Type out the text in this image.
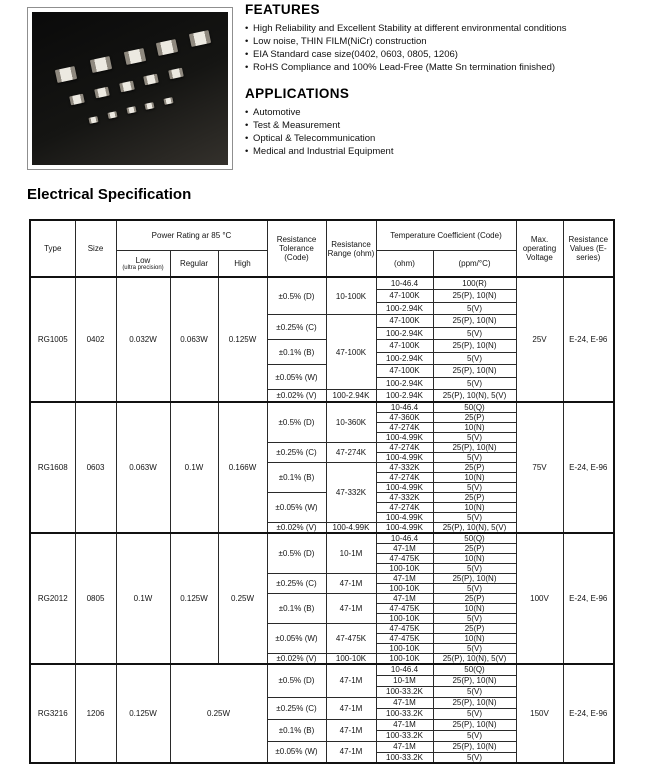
FEATURES
• High Reliability and Excellent Stability at different environmental conditions
• Low noise, THIN FILM(NiCr) construction
• EIA Standard case size(0402, 0603, 0805, 1206)
• RoHS Compliance and 100% Lead-Free (Matte Sn termination finished)
APPLICATIONS
• Automotive
• Test & Measurement
• Optical & Telecommunication
• Medical and Industrial Equipment
Electrical Specification
Type	Size	Power Rating ar 85 °C			Resistance Tolerance (Code)	Resistance Range (ohm)	Temperature Coefficient (Code)		Max. operating Voltage	Resistance Values (E-series)
		Low
(ultra precision)	Regular	High			(ohm)	(ppm/°C)		
RG1005	0402	0.032W	0.063W	0.125W	±0.5% (D)	10-100K	10-46.4	100(R)	25V	E-24, E-96
							47-100K	25(P), 10(N)		
							100-2.94K	5(V)		
					±0.25% (C)	47-100K	47-100K	25(P), 10(N)		
							100-2.94K	5(V)		
					±0.1% (B)		47-100K	25(P), 10(N)		
							100-2.94K	5(V)		
					±0.05% (W)		47-100K	25(P), 10(N)		
							100-2.94K	5(V)		
					±0.02% (V)	100-2.94K	100-2.94K	25(P), 10(N), 5(V)		
RG1608	0603	0.063W	0.1W	0.166W	±0.5% (D)	10-360K	10-46.4	50(Q)	75V	E-24, E-96
							47-360K	25(P)		
							47-274K	10(N)		
							100-4.99K	5(V)		
					±0.25% (C)	47-274K	47-274K	25(P), 10(N)		
							100-4.99K	5(V)		
					±0.1% (B)	47-332K	47-332K	25(P)		
							47-274K	10(N)		
							100-4.99K	5(V)		
					±0.05% (W)		47-332K	25(P)		
							47-274K	10(N)		
							100-4.99K	5(V)		
					±0.02% (V)	100-4.99K	100-4.99K	25(P), 10(N), 5(V)		
RG2012	0805	0.1W	0.125W	0.25W	±0.5% (D)	10-1M	10-46.4	50(Q)	100V	E-24, E-96
							47-1M	25(P)		
							47-475K	10(N)		
							100-10K	5(V)		
					±0.25% (C)	47-1M	47-1M	25(P), 10(N)		
							100-10K	5(V)		
					±0.1% (B)	47-1M	47-1M	25(P)		
							47-475K	10(N)		
							100-10K	5(V)		
					±0.05% (W)	47-475K	47-475K	25(P)		
							47-475K	10(N)		
							100-10K	5(V)		
					±0.02% (V)	100-10K	100-10K	25(P), 10(N), 5(V)		
RG3216	1206	0.125W	0.25W		±0.5% (D)	47-1M	10-46.4	50(Q)	150V	E-24, E-96
							10-1M	25(P), 10(N)		
							100-33.2K	5(V)		
					±0.25% (C)	47-1M	47-1M	25(P), 10(N)		
							100-33.2K	5(V)		
					±0.1% (B)	47-1M	47-1M	25(P), 10(N)		
							100-33.2K	5(V)		
					±0.05% (W)	47-1M	47-1M	25(P), 10(N)		
							100-33.2K	5(V)		
